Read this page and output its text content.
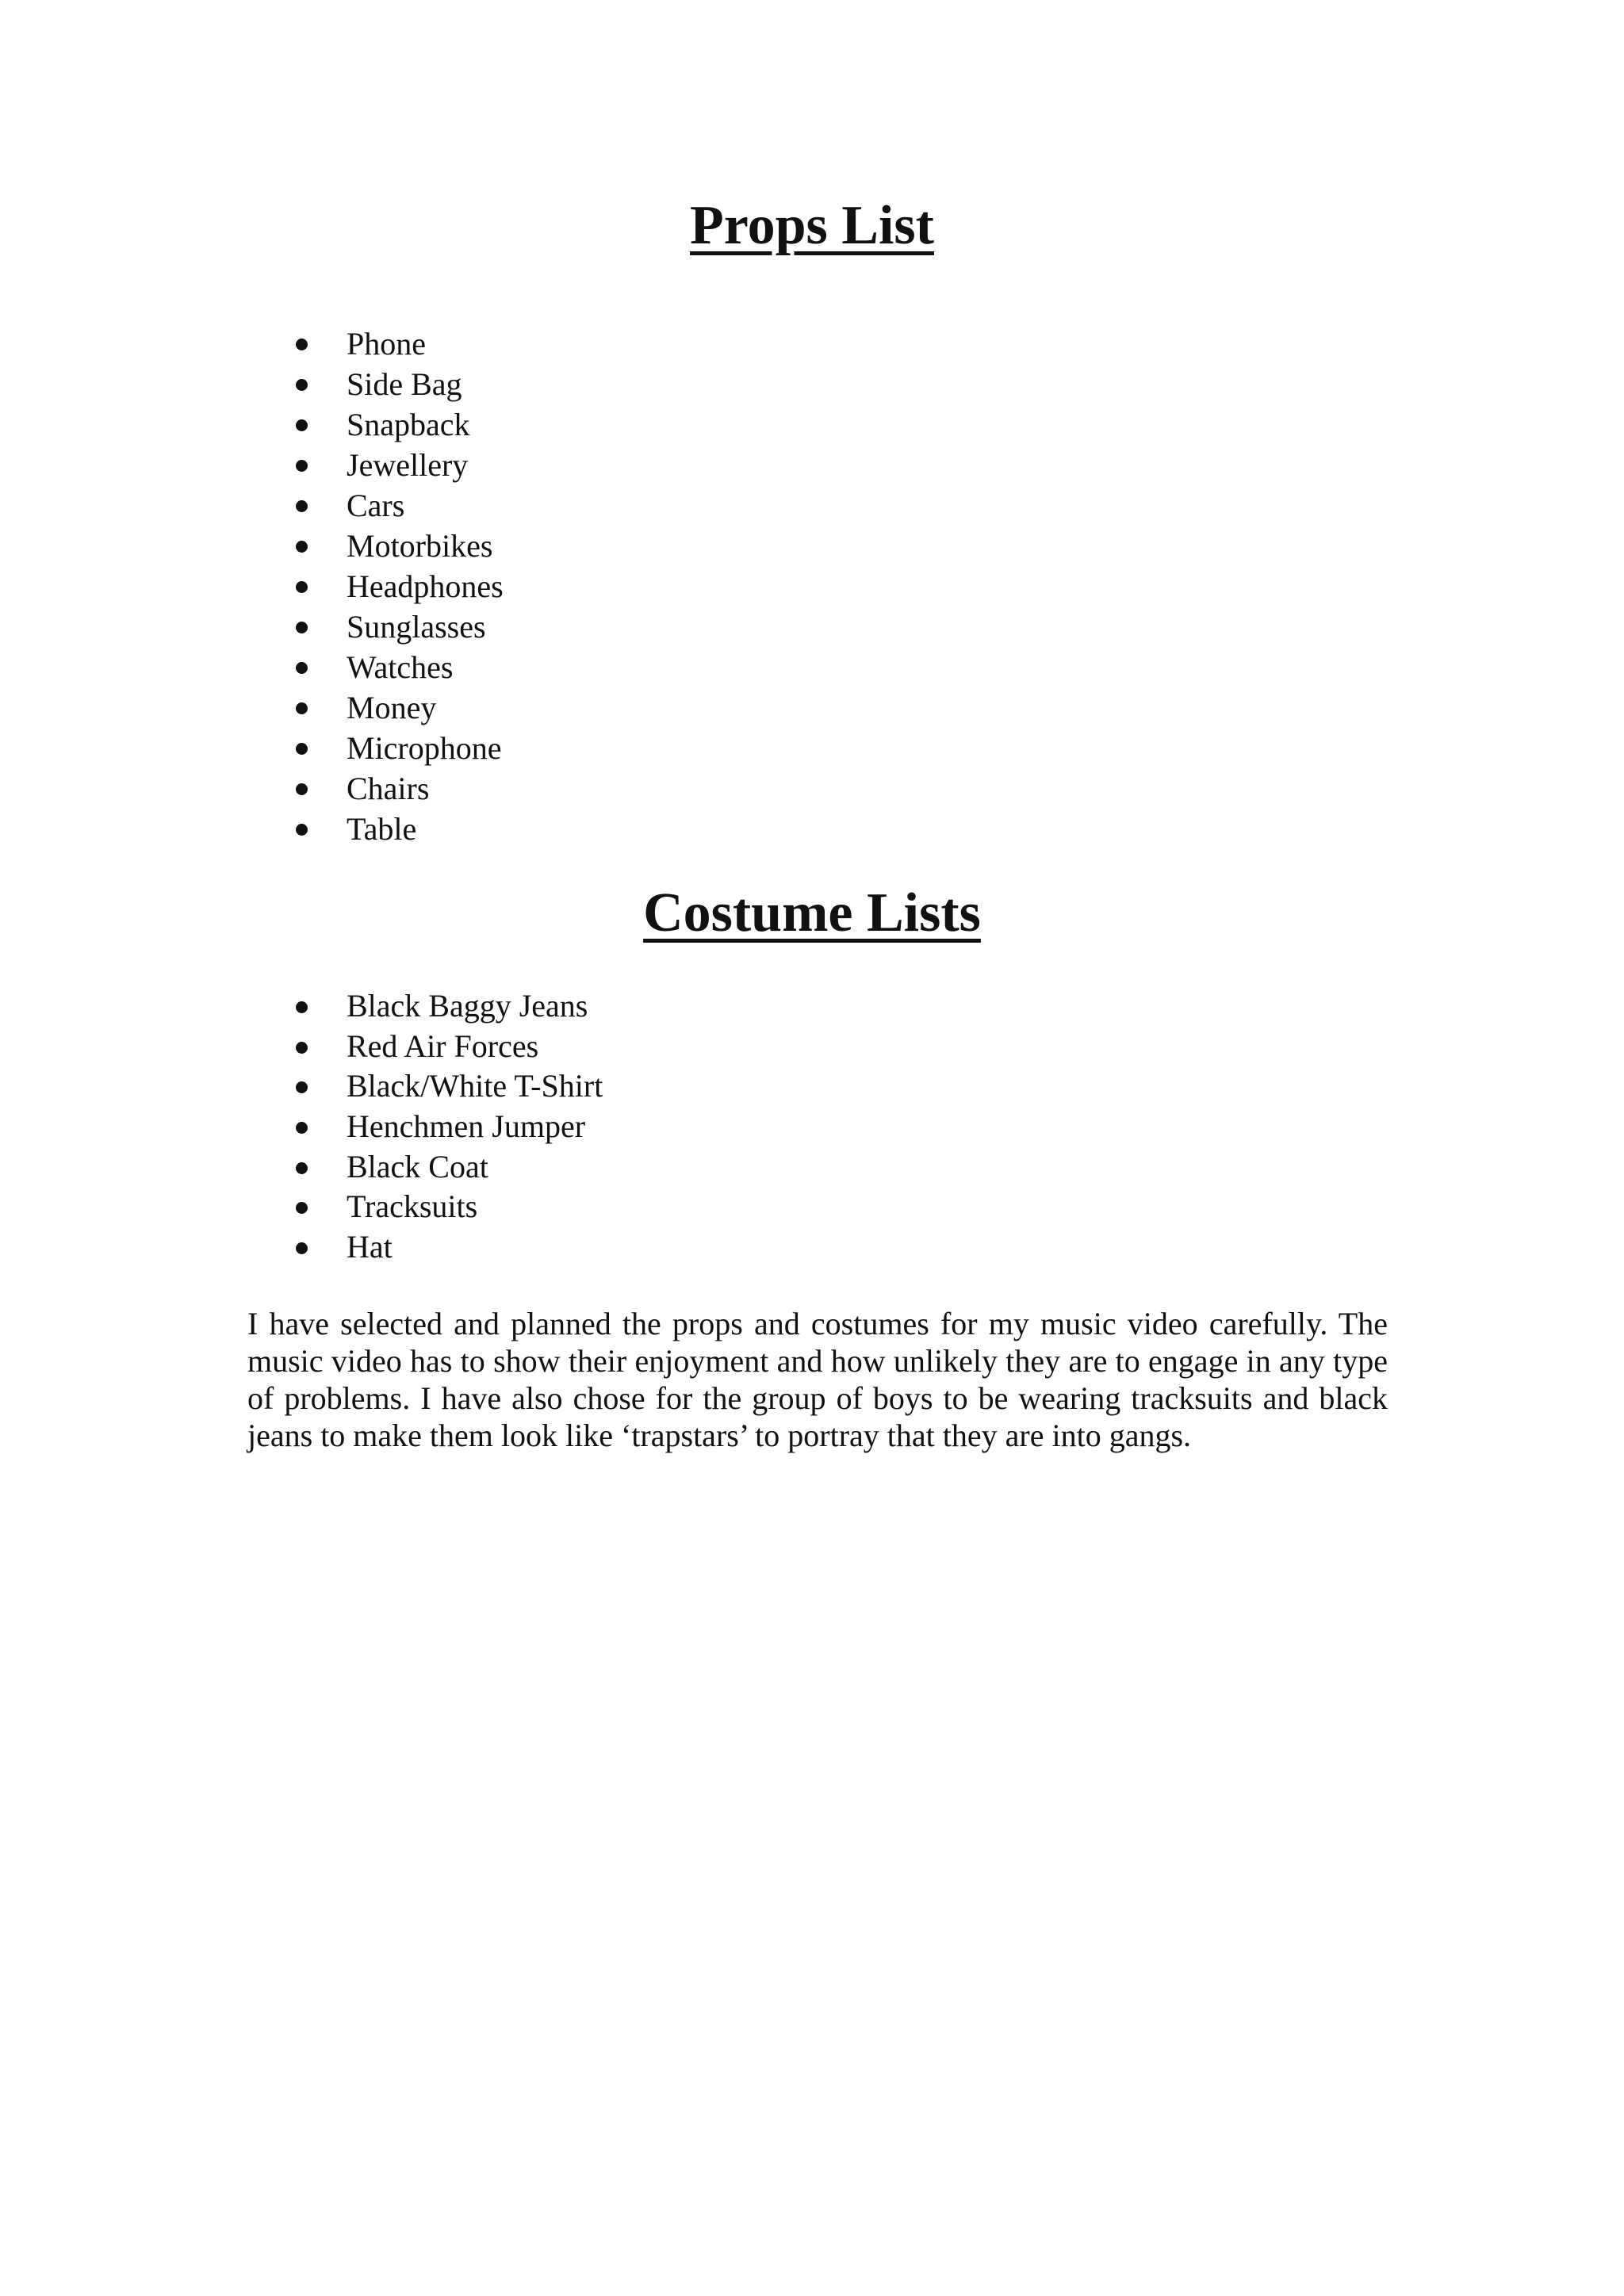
Props List
Phone
Side Bag
Snapback
Jewellery
Cars
Motorbikes
Headphones
Sunglasses
Watches
Money
Microphone
Chairs
Table
Costume Lists
Black Baggy Jeans
Red Air Forces
Black/White T-Shirt
Henchmen Jumper
Black Coat
Tracksuits
Hat

I have selected and planned the props and costumes for my music video carefully. The music video has to show their enjoyment and how unlikely they are to engage in any type of problems. I have also chose for the group of boys to be wearing tracksuits and black jeans to make them look like ‘trapstars’ to portray that they are into gangs.
